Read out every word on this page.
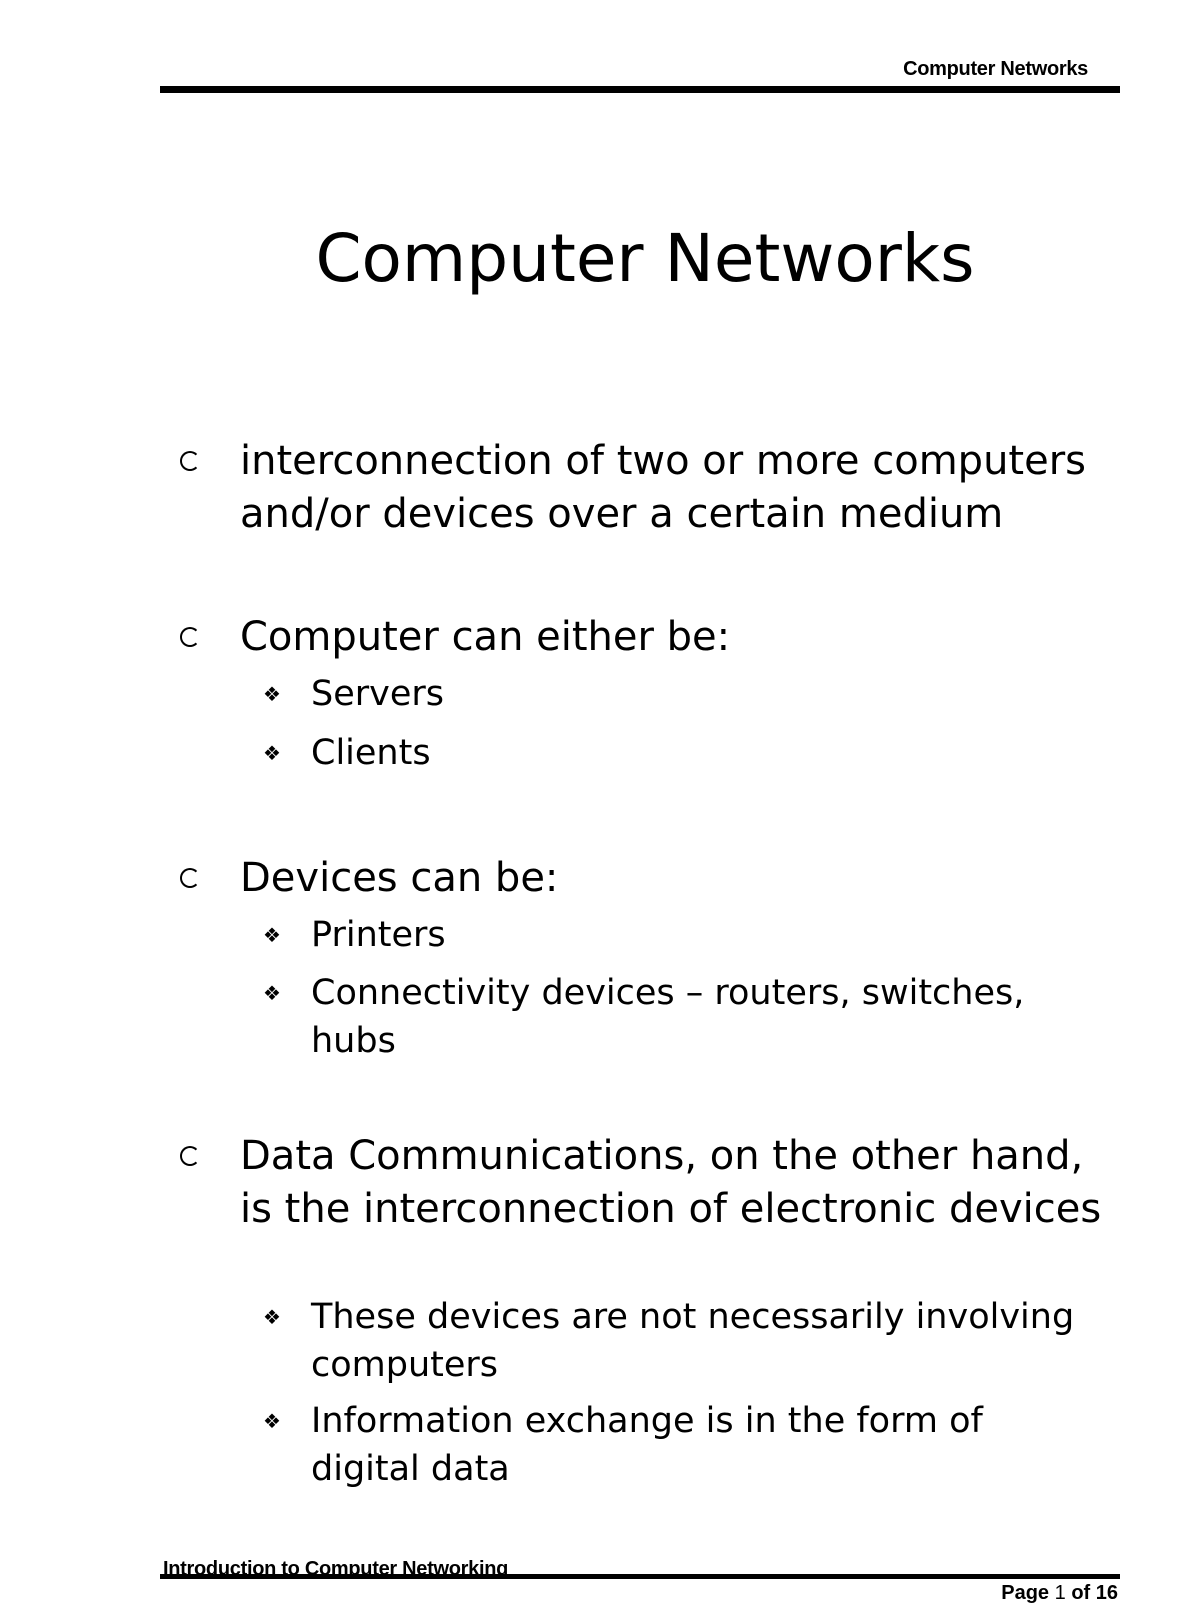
Computer Networks
Computer Networks
interconnection of two or more computers and/or devices over a certain medium
Computer can either be:
❖ Servers
❖ Clients
Devices can be:
❖ Printers
❖ Connectivity devices – routers, switches, hubs
Data Communications, on the other hand, is the interconnection of electronic devices
❖ These devices are not necessarily involving computers
❖ Information exchange is in the form of digital data
Introduction to Computer Networking
Page 1 of 16
